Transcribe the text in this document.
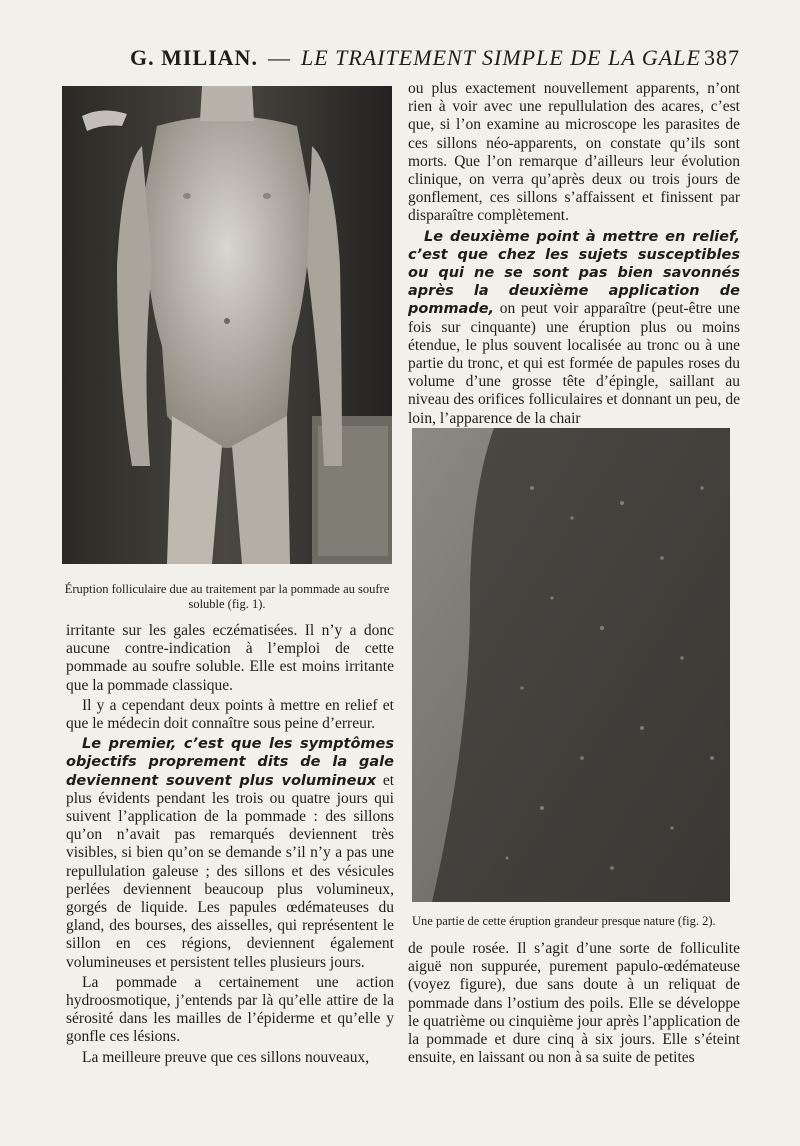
G. MILIAN. — LE TRAITEMENT SIMPLE DE LA GALE 387
Éruption folliculaire due au traitement par la pommade au soufre soluble (fig. 1).
Une partie de cette éruption grandeur presque nature (fig. 2).

ou plus exactement nouvellement apparents, n’ont rien à voir avec une repullulation des acares, c’est que, si l’on examine au microscope les parasites de ces sillons néo-apparents, on constate qu’ils sont morts. Que l’on remarque d’ailleurs leur évolution clinique, on verra qu’après deux ou trois jours de gonflement, ces sillons s’affaissent et finissent par disparaître complètement.

Le deuxième point à mettre en relief, c’est que chez les sujets susceptibles ou qui ne se sont pas bien savonnés après la deuxième application de pommade, on peut voir apparaître (peut-être une fois sur cinquante) une éruption plus ou moins étendue, le plus souvent localisée au tronc ou à une partie du tronc, et qui est formée de papules roses du volume d’une grosse tête d’épingle, saillant au niveau des orifices folliculaires et donnant un peu, de loin, l’apparence de la chair

irritante sur les gales eczématisées. Il n’y a donc aucune contre-indication à l’emploi de cette pommade au soufre soluble. Elle est moins irritante que la pommade classique.

Il y a cependant deux points à mettre en relief et que le médecin doit connaître sous peine d’erreur.

Le premier, c’est que les symptômes objectifs proprement dits de la gale deviennent souvent plus volumineux et plus évidents pendant les trois ou quatre jours qui suivent l’application de la pommade : des sillons qu’on n’avait pas remarqués deviennent très visibles, si bien qu’on se demande s’il n’y a pas une repullulation galeuse ; des sillons et des vésicules perlées deviennent beaucoup plus volumineux, gorgés de liquide. Les papules œdémateuses du gland, des bourses, des aisselles, qui représentent le sillon en ces régions, deviennent également volumineuses et persistent telles plusieurs jours.

La pommade a certainement une action hydroosmotique, j’entends par là qu’elle attire de la sérosité dans les mailles de l’épiderme et qu’elle y gonfle ces lésions.

La meilleure preuve que ces sillons nouveaux,

de poule rosée. Il s’agit d’une sorte de folliculite aiguë non suppurée, purement papulo-œdémateuse (voyez figure), due sans doute à un reliquat de pommade dans l’ostium des poils. Elle se développe le quatrième ou cinquième jour après l’application de la pommade et dure cinq à six jours. Elle s’éteint ensuite, en laissant ou non à sa suite de petites
